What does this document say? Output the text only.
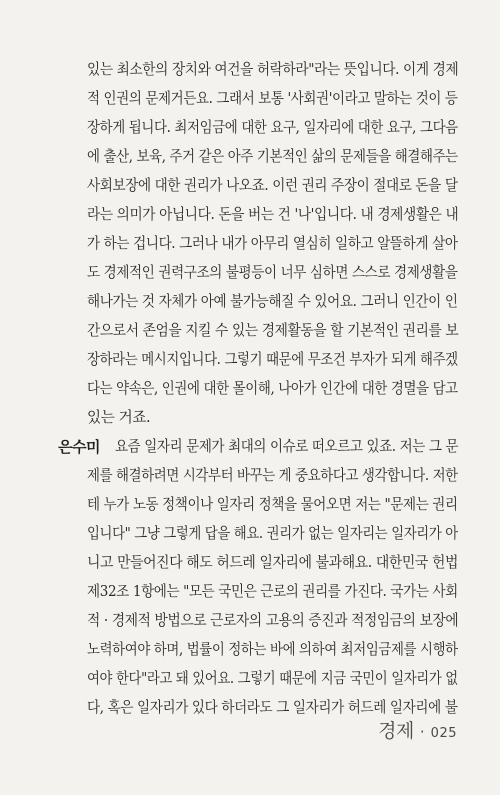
있는 최소한의 장치와 여건을 허락하라"라는 뜻입니다. 이게 경제
적 인권의 문제거든요. 그래서 보통 '사회권'이라고 말하는 것이 등
장하게 됩니다. 최저임금에 대한 요구, 일자리에 대한 요구, 그다음
에 출산, 보육, 주거 같은 아주 기본적인 삶의 문제들을 해결해주는
사회보장에 대한 권리가 나오죠. 이런 권리 주장이 절대로 돈을 달
라는 의미가 아닙니다. 돈을 버는 건 '나'입니다. 내 경제생활은 내
가 하는 겁니다. 그러나 내가 아무리 열심히 일하고 알뜰하게 살아
도 경제적인 권력구조의 불평등이 너무 심하면 스스로 경제생활을
해나가는 것 자체가 아예 불가능해질 수 있어요. 그러니 인간이 인
간으로서 존엄을 지킬 수 있는 경제활동을 할 기본적인 권리를 보
장하라는 메시지입니다. 그렇기 때문에 무조건 부자가 되게 해주겠
다는 약속은, 인권에 대한 몰이해, 나아가 인간에 대한 경멸을 담고
있는 거죠.
은수미 요즘 일자리 문제가 최대의 이슈로 떠오르고 있죠. 저는 그 문
제를 해결하려면 시각부터 바꾸는 게 중요하다고 생각합니다. 저한
테 누가 노동 정책이나 일자리 정책을 물어오면 저는 "문제는 권리
입니다" 그냥 그렇게 답을 해요. 권리가 없는 일자리는 일자리가 아
니고 만들어진다 해도 허드레 일자리에 불과해요. 대한민국 헌법
제32조 1항에는 "모든 국민은 근로의 권리를 가진다. 국가는 사회
적 · 경제적 방법으로 근로자의 고용의 증진과 적정임금의 보장에
노력하여야 하며, 법률이 정하는 바에 의하여 최저임금제를 시행하
여야 한다"라고 돼 있어요. 그렇기 때문에 지금 국민이 일자리가 없
다, 혹은 일자리가 있다 하더라도 그 일자리가 허드레 일자리에 불
경제 · 025
